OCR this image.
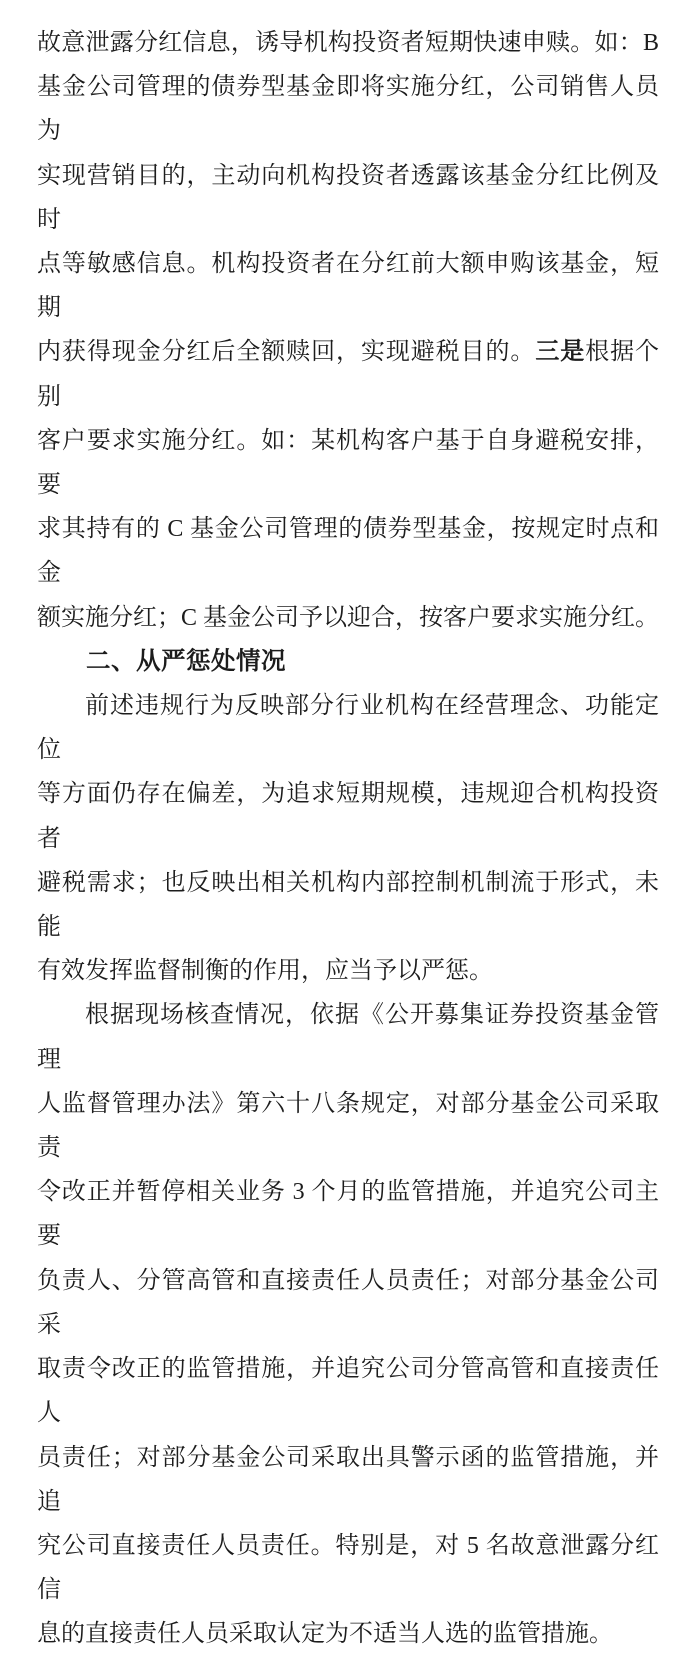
故意泄露分红信息，诱导机构投资者短期快速申赎。如：B
基金公司管理的债券型基金即将实施分红，公司销售人员为
实现营销目的，主动向机构投资者透露该基金分红比例及时
点等敏感信息。机构投资者在分红前大额申购该基金，短期
内获得现金分红后全额赎回，实现避税目的。三是根据个别
客户要求实施分红。如：某机构客户基于自身避税安排，要
求其持有的 C 基金公司管理的债券型基金，按规定时点和金
额实施分红；C 基金公司予以迎合，按客户要求实施分红。
二、从严惩处情况
前述违规行为反映部分行业机构在经营理念、功能定位
等方面仍存在偏差，为追求短期规模，违规迎合机构投资者
避税需求；也反映出相关机构内部控制机制流于形式，未能
有效发挥监督制衡的作用，应当予以严惩。
根据现场核查情况，依据《公开募集证券投资基金管理
人监督管理办法》第六十八条规定，对部分基金公司采取责
令改正并暂停相关业务 3 个月的监管措施，并追究公司主要
负责人、分管高管和直接责任人员责任；对部分基金公司采
取责令改正的监管措施，并追究公司分管高管和直接责任人
员责任；对部分基金公司采取出具警示函的监管措施，并追
究公司直接责任人员责任。特别是，对 5 名故意泄露分红信
息的直接责任人员采取认定为不适当人选的监管措施。
